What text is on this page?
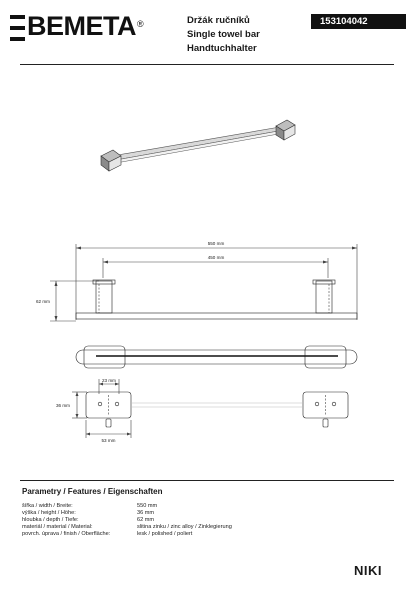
BEMETA®	Držák ručníků
Single towel bar
Handtuchhalter
153104042
550 mm
450 mm
62 mm
23 mm
36 mm
53 mm
Parametry / Features / Eigenschaften
šířka / width / Breite:	550 mm
výška / height / Höhe:	36 mm
hloubka / depth / Tiefe:	62 mm
materiál / material / Material:	slitina zinku / zinc alloy / Zinklegierung
povrch. úprava / finish / Oberfläche:	lesk / polished / poliert
NIKI
